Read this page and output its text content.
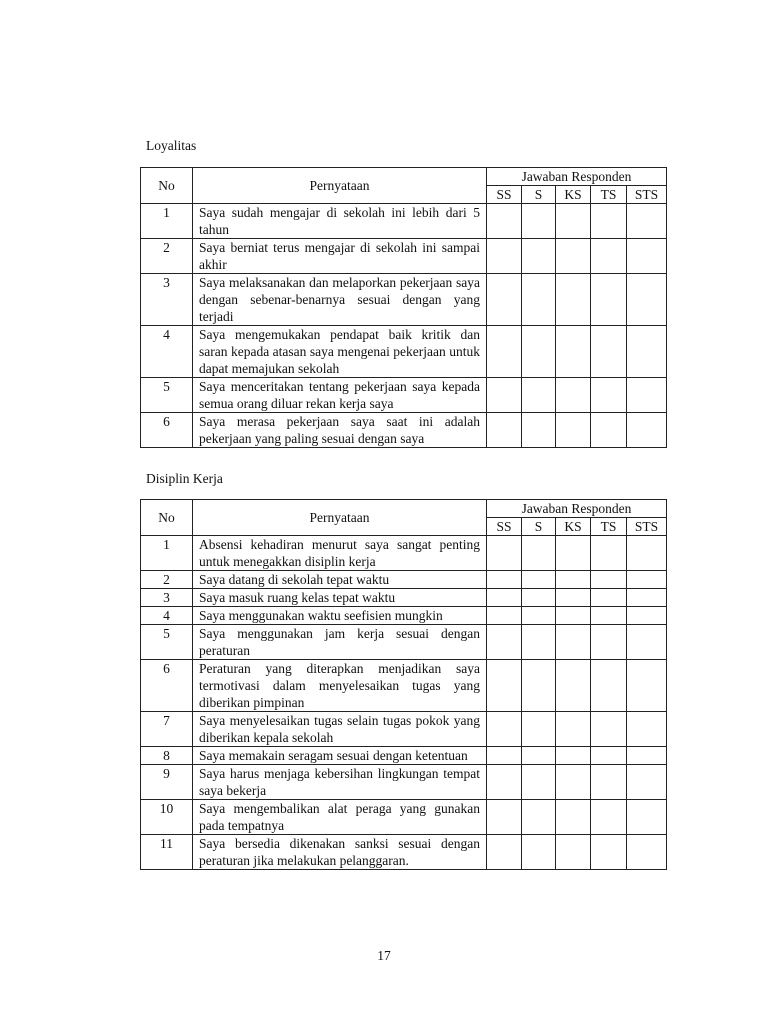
Loyalitas
No	Pernyataan	Jawaban Responden				
		SS	S	KS	TS	STS
1	Saya sudah mengajar di sekolah ini lebih dari 5 tahun					
2	Saya berniat terus mengajar di sekolah ini sampai akhir					
3	Saya melaksanakan dan melaporkan pekerjaan saya dengan sebenar-benarnya sesuai dengan yang terjadi					
4	Saya mengemukakan pendapat baik kritik dan saran kepada atasan saya mengenai pekerjaan untuk dapat memajukan sekolah					
5	Saya menceritakan tentang pekerjaan saya kepada semua orang diluar rekan kerja saya					
6	Saya merasa pekerjaan saya saat ini adalah pekerjaan yang paling sesuai dengan saya					
Disiplin Kerja
No	Pernyataan	Jawaban Responden				
		SS	S	KS	TS	STS
1	Absensi kehadiran menurut saya sangat penting untuk menegakkan disiplin kerja					
2	Saya datang di sekolah tepat waktu					
3	Saya masuk ruang kelas tepat waktu					
4	Saya menggunakan waktu seefisien mungkin					
5	Saya menggunakan jam kerja sesuai dengan peraturan					
6	Peraturan yang diterapkan menjadikan saya termotivasi dalam menyelesaikan tugas yang diberikan pimpinan					
7	Saya menyelesaikan tugas selain tugas pokok yang diberikan kepala sekolah					
8	Saya memakain seragam sesuai dengan ketentuan					
9	Saya harus menjaga kebersihan lingkungan tempat saya bekerja					
10	Saya mengembalikan alat peraga yang gunakan pada tempatnya					
11	Saya bersedia dikenakan sanksi sesuai dengan peraturan jika melakukan pelanggaran.					
17
